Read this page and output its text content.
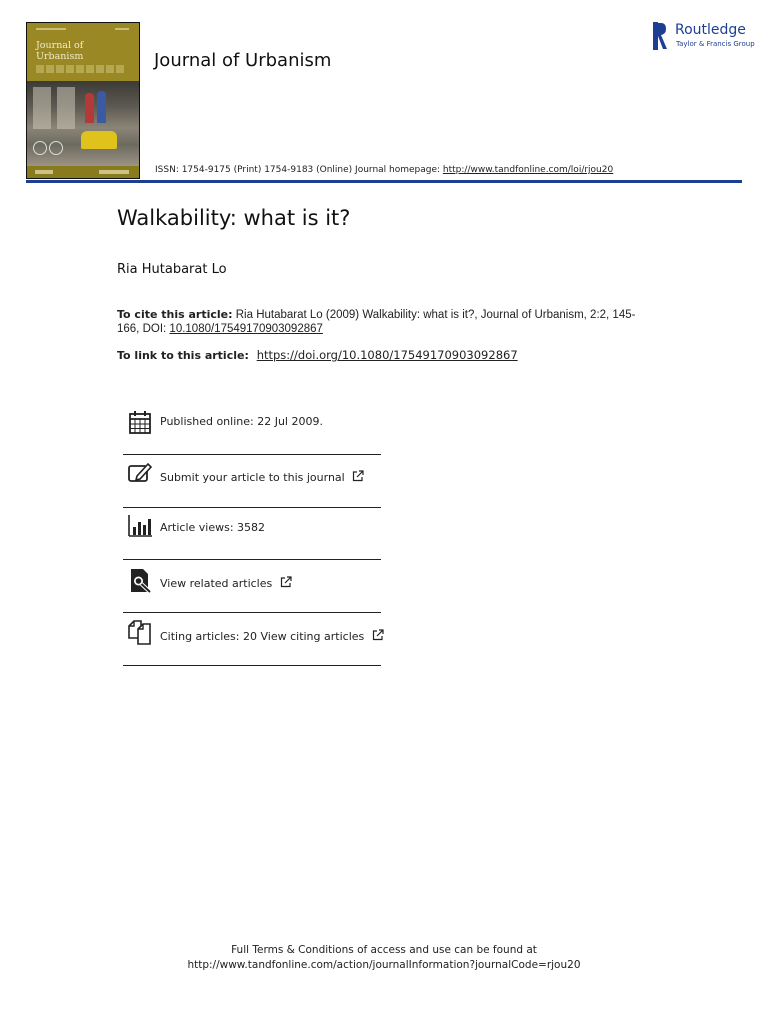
Journal of
Urbanism	Journal of Urbanism
ISSN: 1754-9175 (Print) 1754-9183 (Online) Journal homepage: http://www.tandfonline.com/loi/rjou20
Routledge
Taylor & Francis Group
Walkability: what is it?
Ria Hutabarat Lo
To cite this article: Ria Hutabarat Lo (2009) Walkability: what is it?, Journal of Urbanism, 2:2, 145-166, DOI: 10.1080/17549170903092867
To link to this article: https://doi.org/10.1080/17549170903092867
Published online: 22 Jul 2009.
Submit your article to this journal
Article views: 3582
View related articles
Citing articles: 20 View citing articles
Full Terms & Conditions of access and use can be found at
http://www.tandfonline.com/action/journalInformation?journalCode=rjou20
